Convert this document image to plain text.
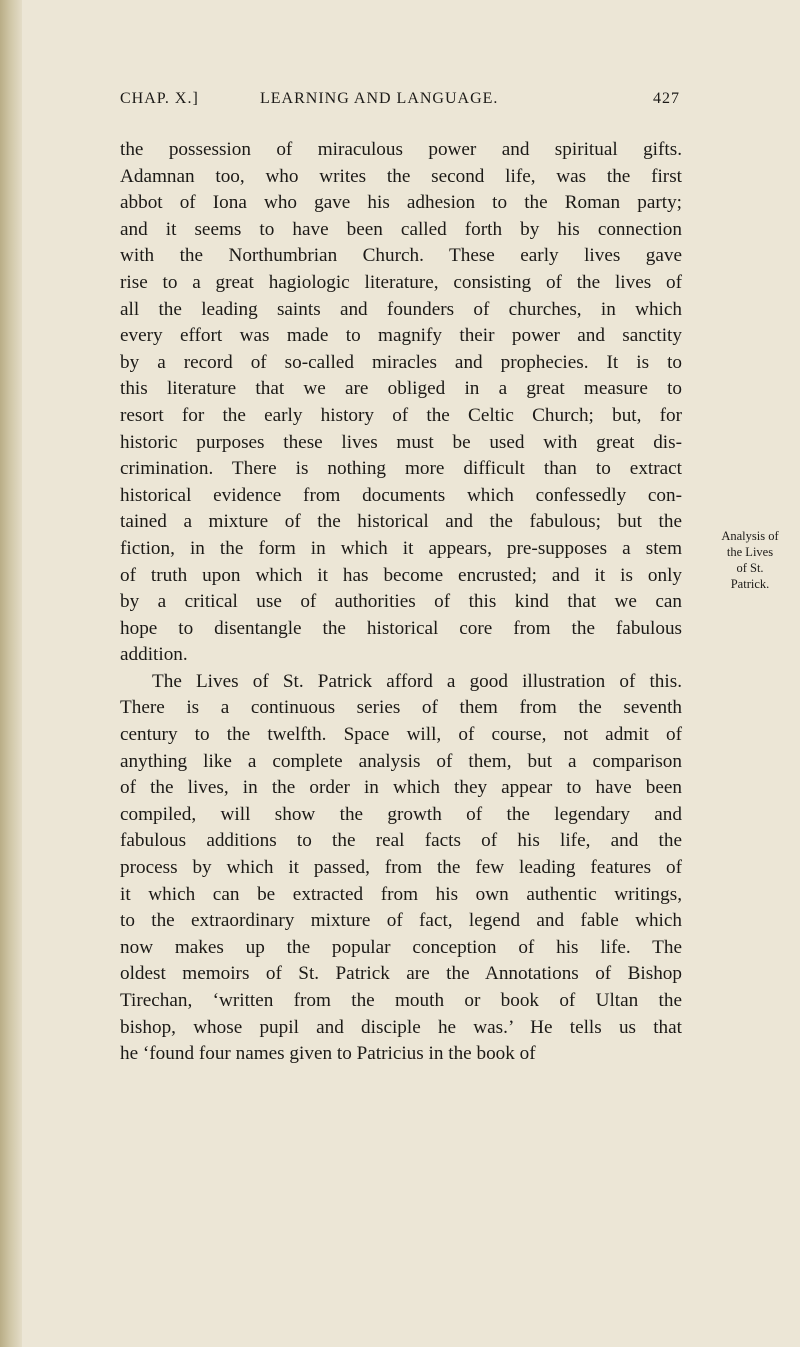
CHAP. X.]	LEARNING AND LANGUAGE.	427
the possession of miraculous power and spiritual gifts.
Adamnan too, who writes the second life, was the first
abbot of Iona who gave his adhesion to the Roman party;
and it seems to have been called forth by his connection
with the Northumbrian Church. These early lives gave
rise to a great hagiologic literature, consisting of the lives of
all the leading saints and founders of churches, in which
every effort was made to magnify their power and sanctity
by a record of so-called miracles and prophecies. It is to
this literature that we are obliged in a great measure to
resort for the early history of the Celtic Church; but, for
historic purposes these lives must be used with great dis-
crimination. There is nothing more difficult than to extract
historical evidence from documents which confessedly con-
tained a mixture of the historical and the fabulous; but the
fiction, in the form in which it appears, pre-supposes a stem
of truth upon which it has become encrusted; and it is only
by a critical use of authorities of this kind that we can
hope to disentangle the historical core from the fabulous
addition.
The Lives of St. Patrick afford a good illustration of this.
There is a continuous series of them from the seventh
century to the twelfth. Space will, of course, not admit of
anything like a complete analysis of them, but a comparison
of the lives, in the order in which they appear to have been
compiled, will show the growth of the legendary and
fabulous additions to the real facts of his life, and the
process by which it passed, from the few leading features of
it which can be extracted from his own authentic writings,
to the extraordinary mixture of fact, legend and fable which
now makes up the popular conception of his life. The
oldest memoirs of St. Patrick are the Annotations of Bishop
Tirechan, ‘written from the mouth or book of Ultan the
bishop, whose pupil and disciple he was.’ He tells us that
he ‘found four names given to Patricius in the book of
Analysis of
the Lives
of St.
Patrick.
